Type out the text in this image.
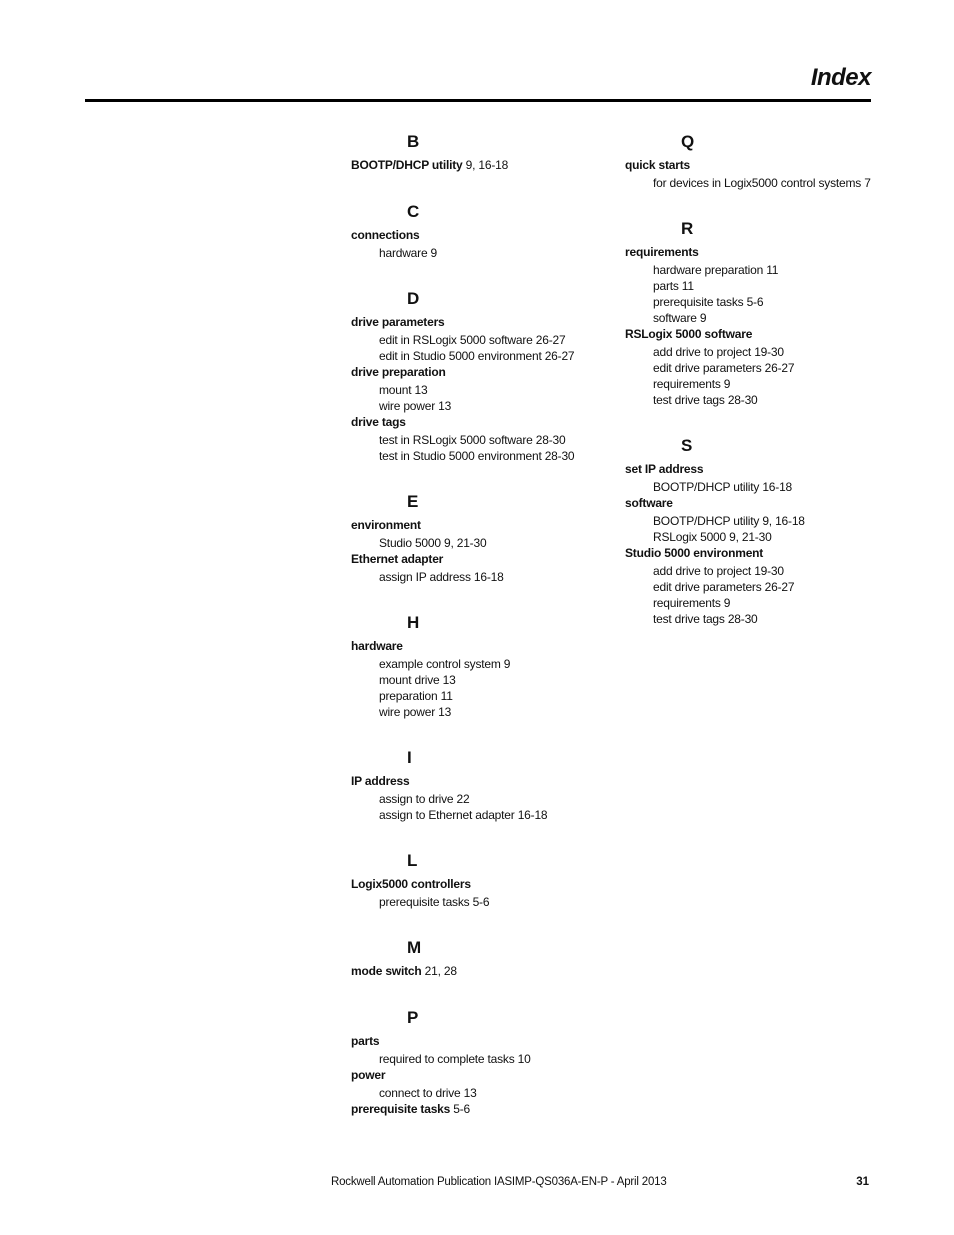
Index
B
BOOTP/DHCP utility 9, 16-18
C
connections
hardware 9
D
drive parameters
edit in RSLogix 5000 software 26-27
edit in Studio 5000 environment 26-27
drive preparation
mount 13
wire power 13
drive tags
test in RSLogix 5000 software 28-30
test in Studio 5000 environment 28-30
E
environment
Studio 5000 9, 21-30
Ethernet adapter
assign IP address 16-18
H
hardware
example control system 9
mount drive 13
preparation 11
wire power 13
I
IP address
assign to drive 22
assign to Ethernet adapter 16-18
L
Logix5000 controllers
prerequisite tasks 5-6
M
mode switch 21, 28
P
parts
required to complete tasks 10
power
connect to drive 13
prerequisite tasks 5-6
Q
quick starts
for devices in Logix5000 control systems 7
R
requirements
hardware preparation 11
parts 11
prerequisite tasks 5-6
software 9
RSLogix 5000 software
add drive to project 19-30
edit drive parameters 26-27
requirements 9
test drive tags 28-30
S
set IP address
BOOTP/DHCP utility 16-18
software
BOOTP/DHCP utility 9, 16-18
RSLogix 5000 9, 21-30
Studio 5000 environment
add drive to project 19-30
edit drive parameters 26-27
requirements 9
test drive tags 28-30
Rockwell Automation Publication IASIMP-QS036A-EN-P - April 2013	31
